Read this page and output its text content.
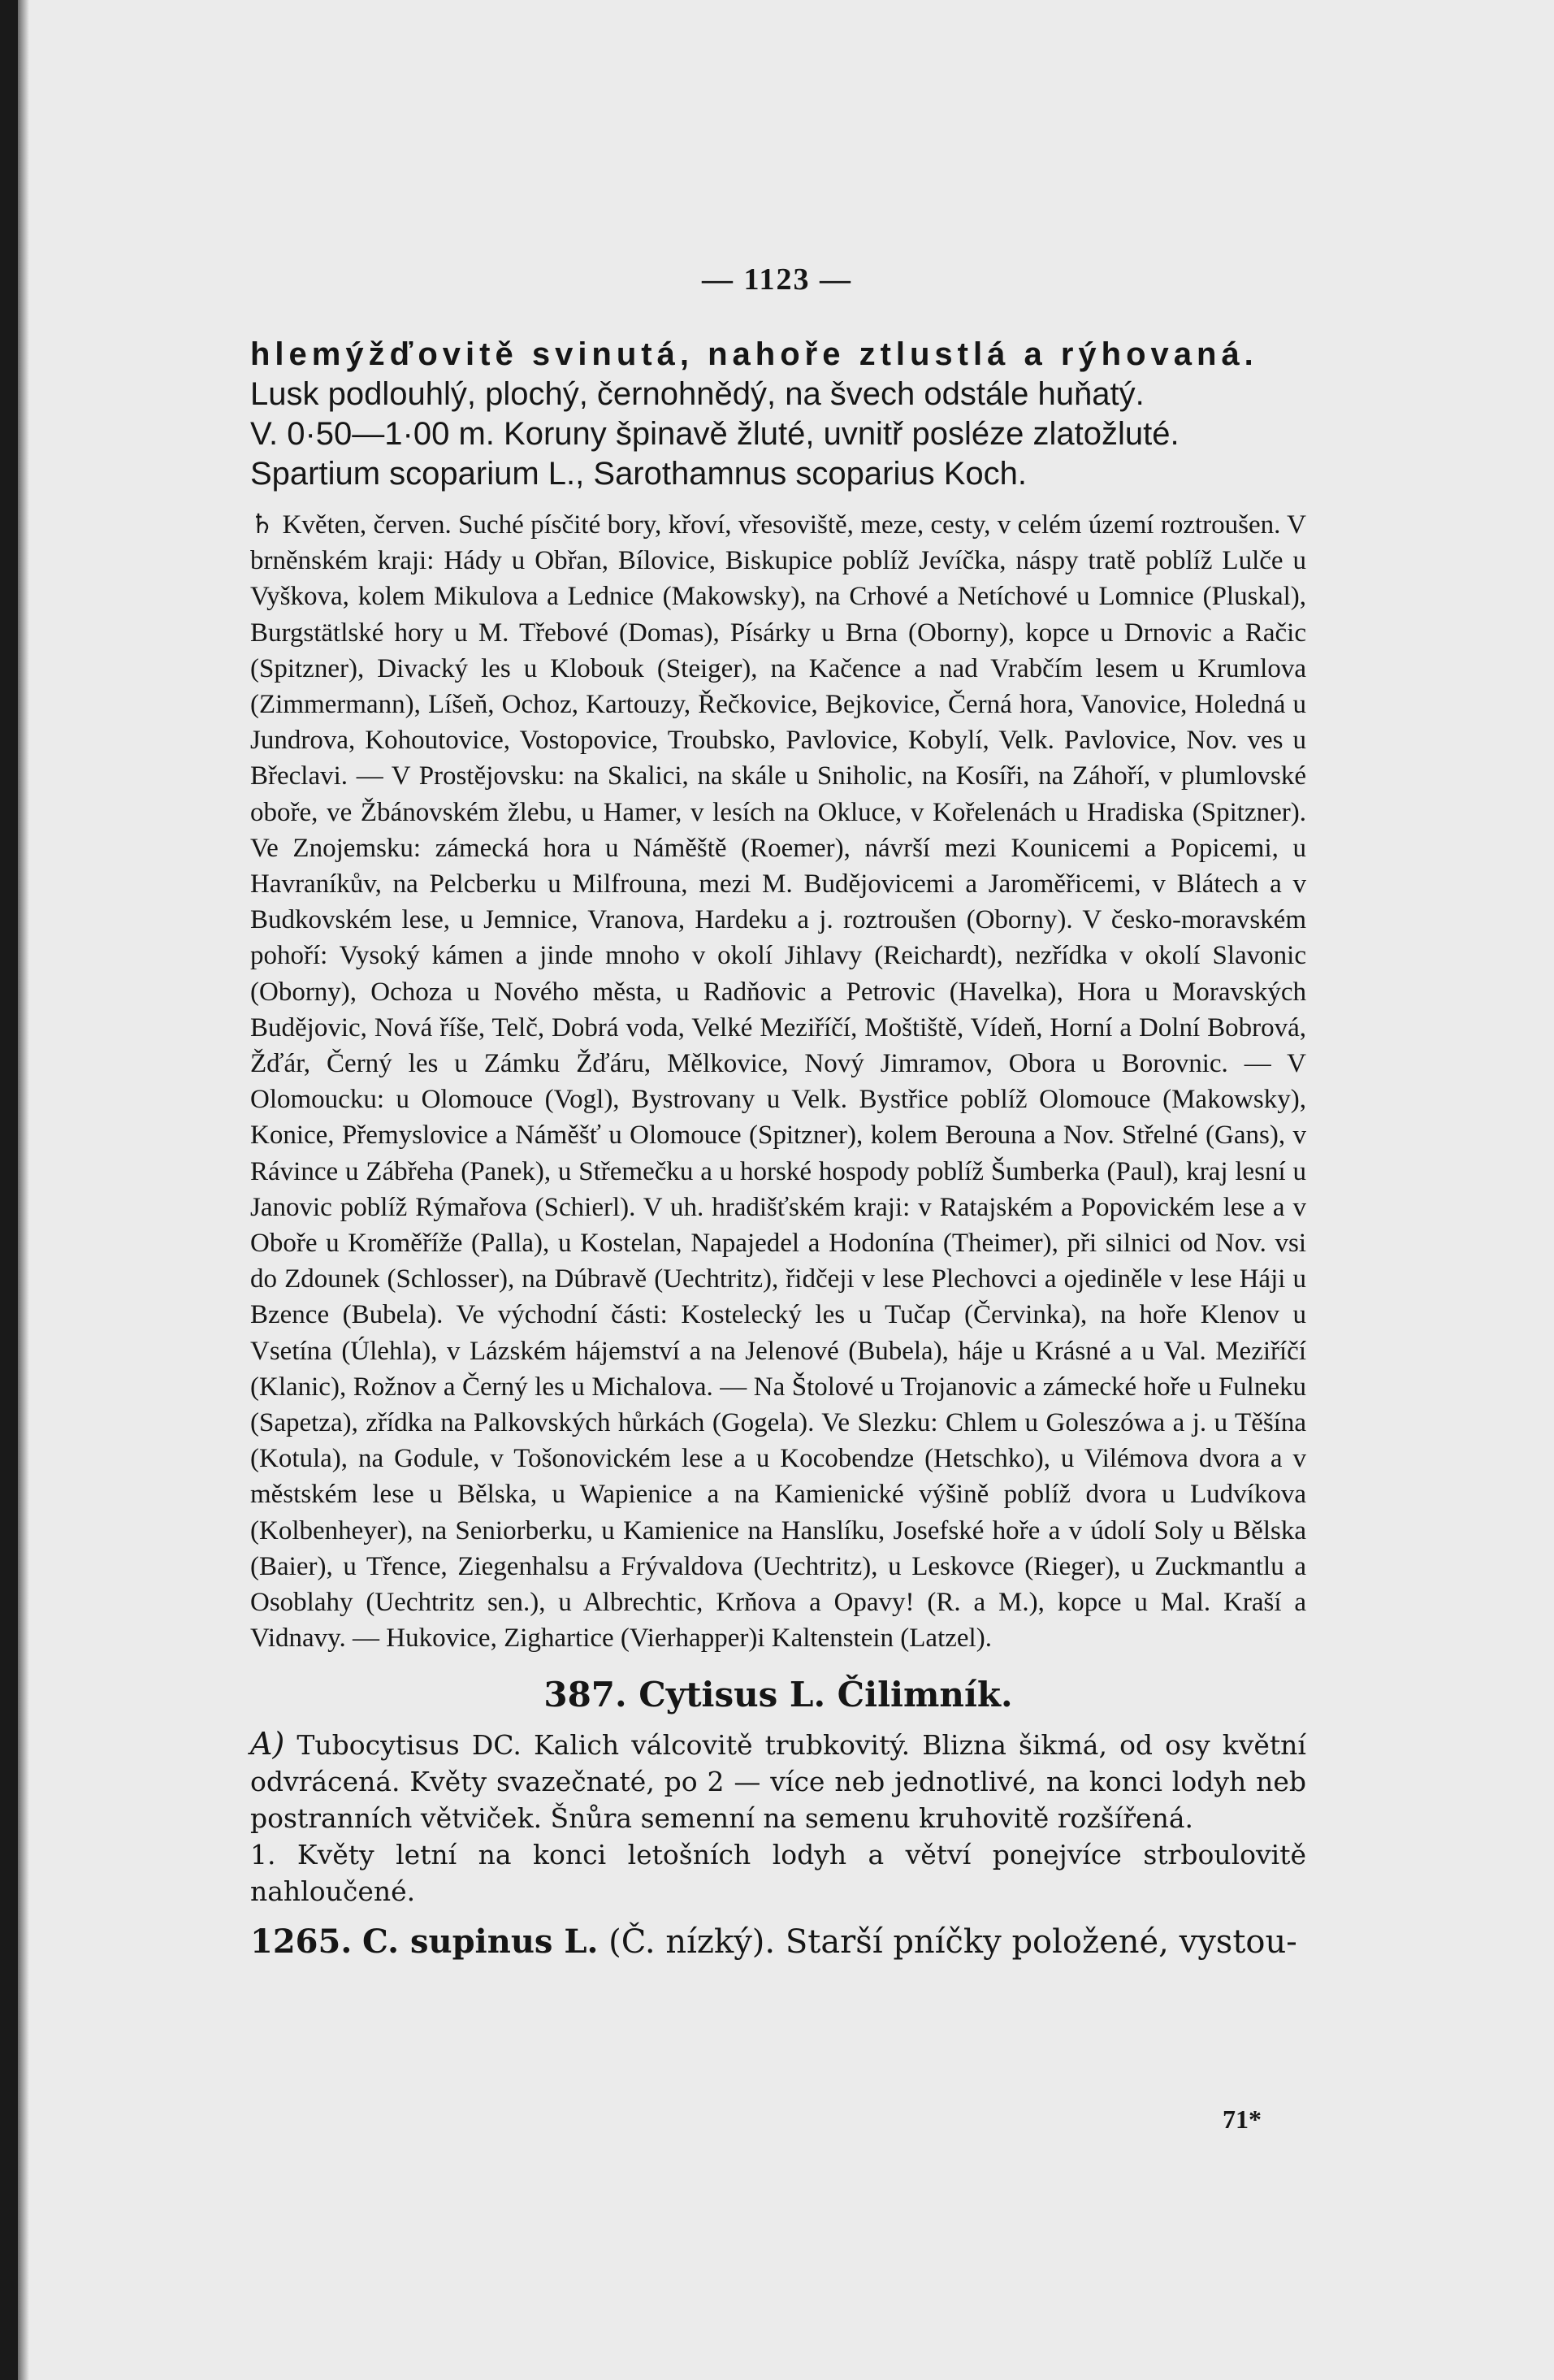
— 1123 —
hlemýžďovitě svinutá, nahoře ztlustlá a rýhovaná.
Lusk podlouhlý, plochý, černohnědý, na švech odstále huňatý.
V. 0·50—1·00 m. Koruny špinavě žluté, uvnitř posléze zlatožluté.
Spartium scoparium L., Sarothamnus scoparius Koch.
♄ Květen, červen. Suché písčité bory, křoví, vřesoviště, meze, cesty, v celém území roztroušen. V brněnském kraji: Hády u Obřan, Bílovice, Biskupice poblíž Jevíčka, náspy tratě poblíž Lulče u Vyškova, kolem Mikulova a Lednice (Makowsky), na Crhové a Netíchové u Lomnice (Pluskal), Burgstätlské hory u M. Třebové (Domas), Písárky u Brna (Oborny), kopce u Drnovic a Račic (Spitzner), Divacký les u Klobouk (Steiger), na Kačence a nad Vrabčím lesem u Krumlova (Zimmermann), Líšeň, Ochoz, Kartouzy, Řečkovice, Bejkovice, Černá hora, Vanovice, Holedná u Jundrova, Kohoutovice, Vostopovice, Troubsko, Pavlovice, Kobylí, Velk. Pavlovice, Nov. ves u Břeclavi. — V Prostějovsku: na Skalici, na skále u Sniholic, na Kosíři, na Záhoří, v plumlovské oboře, ve Žbánovském žlebu, u Hamer, v lesích na Okluce, v Kořelenách u Hradiska (Spitzner). Ve Znojemsku: zámecká hora u Náměště (Roemer), návrší mezi Kounicemi a Popicemi, u Havraníkův, na Pelcberku u Milfrouna, mezi M. Budějovicemi a Jaroměřicemi, v Blátech a v Budkovském lese, u Jemnice, Vranova, Hardeku a j. roztroušen (Oborny). V česko-moravském pohoří: Vysoký kámen a jinde mnoho v okolí Jihlavy (Reichardt), nezřídka v okolí Slavonic (Oborny), Ochoza u Nového města, u Radňovic a Petrovic (Havelka), Hora u Moravských Budějovic, Nová říše, Telč, Dobrá voda, Velké Meziříčí, Moštiště, Vídeň, Horní a Dolní Bobrová, Žďár, Černý les u Zámku Žďáru, Mělkovice, Nový Jimramov, Obora u Borovnic. — V Olomoucku: u Olomouce (Vogl), Bystrovany u Velk. Bystřice poblíž Olomouce (Makowsky), Konice, Přemyslovice a Náměšť u Olomouce (Spitzner), kolem Berouna a Nov. Střelné (Gans), v Rávince u Zábřeha (Panek), u Střemečku a u horské hospody poblíž Šumberka (Paul), kraj lesní u Janovic poblíž Rýmařova (Schierl). V uh. hradišťském kraji: v Ratajském a Popovickém lese a v Oboře u Kroměříže (Palla), u Kostelan, Napajedel a Hodonína (Theimer), při silnici od Nov. vsi do Zdounek (Schlosser), na Dúbravě (Uechtritz), řidčeji v lese Plechovci a ojediněle v lese Háji u Bzence (Bubela). Ve východní části: Kostelecký les u Tučap (Červinka), na hoře Klenov u Vsetína (Úlehla), v Lázském hájemství a na Jelenové (Bubela), háje u Krásné a u Val. Meziříčí (Klanic), Rožnov a Černý les u Michalova. — Na Štolové u Trojanovic a zámecké hoře u Fulneku (Sapetza), zřídka na Palkovských hůrkách (Gogela). Ve Slezku: Chlem u Goleszówa a j. u Těšína (Kotula), na Godule, v Tošonovickém lese a u Kocobendze (Hetschko), u Vilémova dvora a v městském lese u Bělska, u Wapienice a na Kamienické výšině poblíž dvora u Ludvíkova (Kolbenheyer), na Seniorberku, u Kamienice na Hanslíku, Josefské hoře a v údolí Soly u Bělska (Baier), u Třence, Ziegenhalsu a Frývaldova (Uechtritz), u Leskovce (Rieger), u Zuckmantlu a Osoblahy (Uechtritz sen.), u Albrechtic, Krňova a Opavy! (R. a M.), kopce u Mal. Kraší a Vidnavy. — Hukovice, Zighartice (Vierhapper)i Kaltenstein (Latzel).
387. Cytisus L. Čilimník.
A) Tubocytisus DC. Kalich válcovitě trubkovitý. Blizna šikmá, od osy květní odvrácená. Květy svazečnaté, po 2 — více neb jednotlivé, na konci lodyh neb postranních větviček. Šnůra semenní na semenu kruhovitě rozšířená.
1. Květy letní na konci letošních lodyh a větví ponejvíce strboulovitě nahloučené.
1265. C. supinus L. (Č. nízký). Starší pníčky položené, vystou-
71*
